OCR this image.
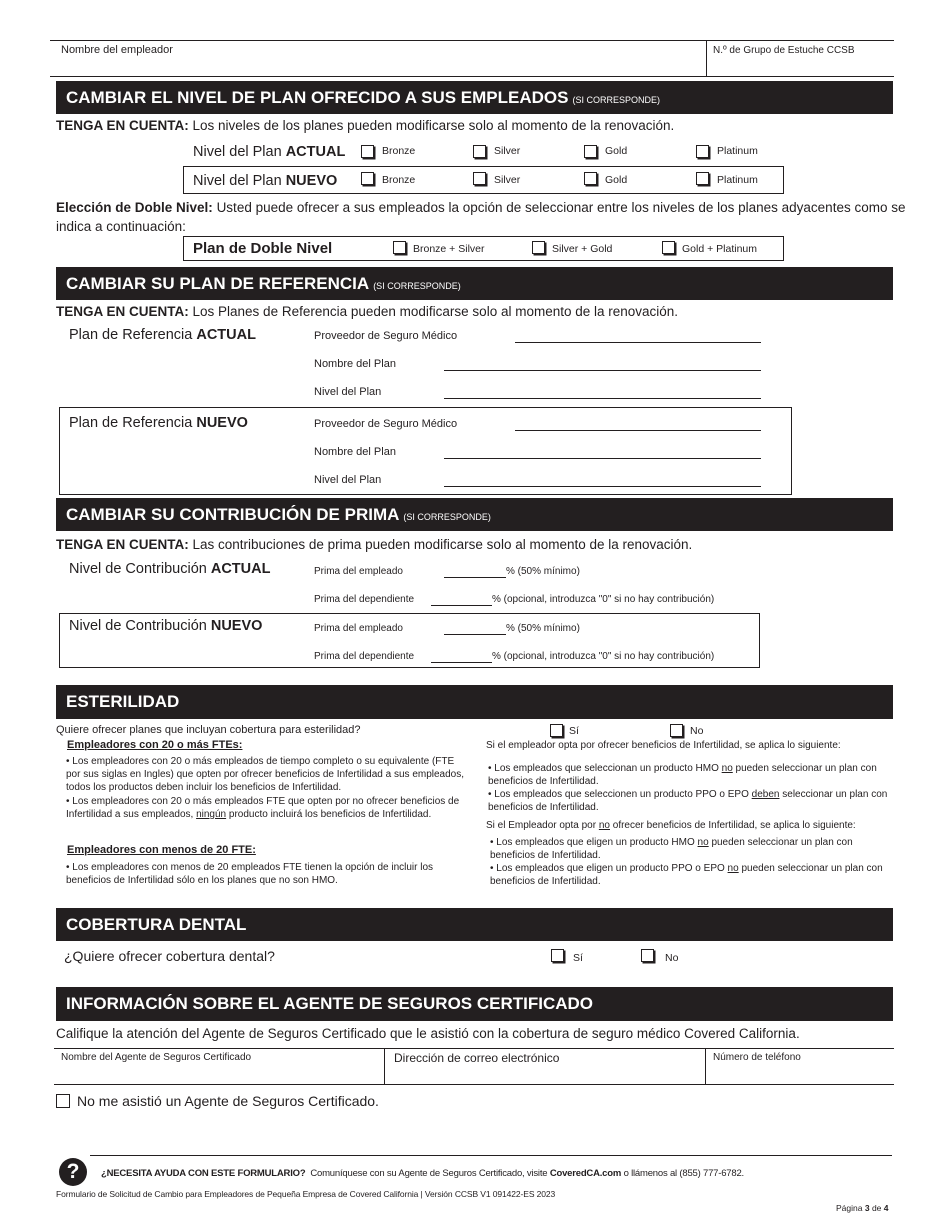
Nombre del empleador	N.º de Grupo de Estuche CCSB
CAMBIAR EL NIVEL DE PLAN OFRECIDO A SUS EMPLEADOS (SI CORRESPONDE)
TENGA EN CUENTA: Los niveles de los planes pueden modificarse solo al momento de la renovación.
Nivel del Plan ACTUAL	Bronze	Silver	Gold	Platinum
Nivel del Plan NUEVO	Bronze	Silver	Gold	Platinum
Elección de Doble Nivel: Usted puede ofrecer a sus empleados la opción de seleccionar entre los niveles de los planes adyacentes como se indica a continuación:
Plan de Doble Nivel	Bronze + Silver	Silver + Gold	Gold + Platinum
CAMBIAR SU PLAN DE REFERENCIA (SI CORRESPONDE)
TENGA EN CUENTA: Los Planes de Referencia pueden modificarse solo al momento de la renovación.
Plan de Referencia ACTUAL	Proveedor de Seguro Médico
Nombre del Plan
Nivel del Plan
Plan de Referencia NUEVO	Proveedor de Seguro Médico
Nombre del Plan
Nivel del Plan
CAMBIAR SU CONTRIBUCIÓN DE PRIMA (SI CORRESPONDE)
TENGA EN CUENTA: Las contribuciones de prima pueden modificarse solo al momento de la renovación.
Nivel de Contribución ACTUAL	Prima del empleado	% (50% mínimo)
Prima del dependiente	% (opcional, introduzca "0" si no hay contribución)
Nivel de Contribución NUEVO	Prima del empleado	% (50% mínimo)
Prima del dependiente	% (opcional, introduzca "0" si no hay contribución)
ESTERILIDAD
Quiere ofrecer planes que incluyan cobertura para esterilidad?	Sí	No
Empleadores con 20 o más FTEs:

• Los empleadores con 20 o más empleados de tiempo completo o su equivalente (FTE por sus siglas en Ingles) que opten por ofrecer beneficios de Infertilidad a sus empleados, todos los productos deben incluir los beneficios de Infertilidad.

• Los empleadores con 20 o más empleados FTE que opten por no ofrecer beneficios de Infertilidad a sus empleados, ningún producto incluirá los beneficios de Infertilidad.

Empleadores con menos de 20 FTE:

• Los empleadores con menos de 20 empleados FTE tienen la opción de incluir los beneficios de Infertilidad sólo en los planes que no son HMO.

Si el empleador opta por ofrecer beneficios de Infertilidad, se aplica lo siguiente:

• Los empleados que seleccionan un producto HMO no pueden seleccionar un plan con beneficios de Infertilidad.

• Los empleados que seleccionen un producto PPO o EPO deben seleccionar un plan con beneficios de Infertilidad.

Si el Empleador opta por no ofrecer beneficios de Infertilidad, se aplica lo siguiente:

• Los empleados que eligen un producto HMO no pueden seleccionar un plan con beneficios de Infertilidad.

• Los empleados que eligen un producto PPO o EPO no pueden seleccionar un plan con beneficios de Infertilidad.

COBERTURA DENTAL
¿Quiere ofrecer cobertura dental?	Sí	No
INFORMACIÓN SOBRE EL AGENTE DE SEGUROS CERTIFICADO
Califique la atención del Agente de Seguros Certificado que le asistió con la cobertura de seguro médico Covered California.
Nombre del Agente de Seguros Certificado	Dirección de correo electrónico	Número de teléfono
No me asistió un Agente de Seguros Certificado.
? ¿NECESITA AYUDA CON ESTE FORMULARIO? Comuníquese con su Agente de Seguros Certificado, visite CoveredCA.com o llámenos al (855) 777-6782.
Formulario de Solicitud de Cambio para Empleadores de Pequeña Empresa de Covered California | Versión CCSB V1 091422-ES 2023
Página 3 de 4
